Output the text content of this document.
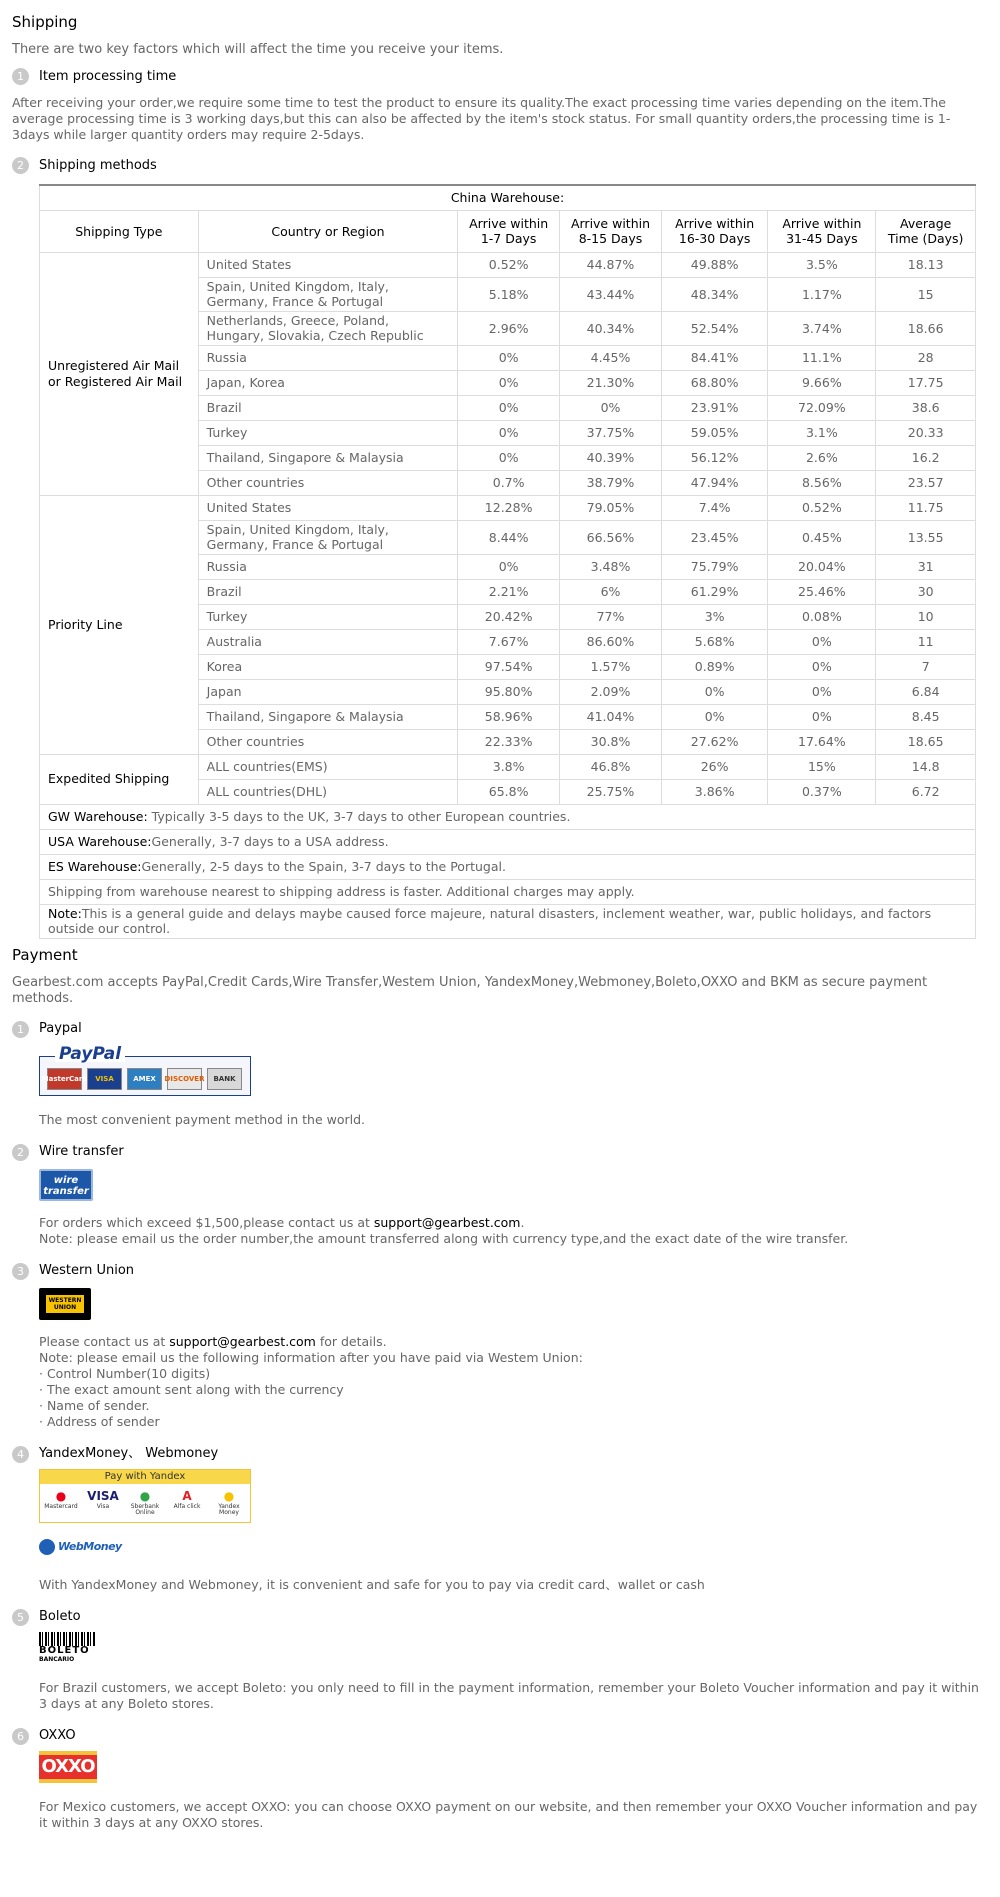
Shipping
There are two key factors which will affect the time you receive your items.
1	Item processing time
After receiving your order,we require some time to test the product to ensure its quality.The exact processing time varies depending on the item.The average processing time is 3 working days,but this can also be affected by the item's stock status. For small quantity orders,the processing time is 1-3days while larger quantity orders may require 2-5days.
2	Shipping methods
China Warehouse:						
Shipping Type	Country or Region	Arrive within 1-7 Days	Arrive within 8-15 Days	Arrive within 16-30 Days	Arrive within 31-45 Days	Average Time (Days)
Unregistered Air Mail or Registered Air Mail	United States	0.52%	44.87%	49.88%	3.5%	18.13
	Spain, United Kingdom, Italy, Germany, France & Portugal	5.18%	43.44%	48.34%	1.17%	15
	Netherlands, Greece, Poland, Hungary, Slovakia, Czech Republic	2.96%	40.34%	52.54%	3.74%	18.66
	Russia	0%	4.45%	84.41%	11.1%	28
	Japan, Korea	0%	21.30%	68.80%	9.66%	17.75
	Brazil	0%	0%	23.91%	72.09%	38.6
	Turkey	0%	37.75%	59.05%	3.1%	20.33
	Thailand, Singapore & Malaysia	0%	40.39%	56.12%	2.6%	16.2
	Other countries	0.7%	38.79%	47.94%	8.56%	23.57
Priority Line	United States	12.28%	79.05%	7.4%	0.52%	11.75
	Spain, United Kingdom, Italy, Germany, France & Portugal	8.44%	66.56%	23.45%	0.45%	13.55
	Russia	0%	3.48%	75.79%	20.04%	31
	Brazil	2.21%	6%	61.29%	25.46%	30
	Turkey	20.42%	77%	3%	0.08%	10
	Australia	7.67%	86.60%	5.68%	0%	11
	Korea	97.54%	1.57%	0.89%	0%	7
	Japan	95.80%	2.09%	0%	0%	6.84
	Thailand, Singapore & Malaysia	58.96%	41.04%	0%	0%	8.45
	Other countries	22.33%	30.8%	27.62%	17.64%	18.65
Expedited Shipping	ALL countries(EMS)	3.8%	46.8%	26%	15%	14.8
	ALL countries(DHL)	65.8%	25.75%	3.86%	0.37%	6.72
GW Warehouse: Typically 3-5 days to the UK, 3-7 days to other European countries.						
USA Warehouse:Generally, 3-7 days to a USA address.						
ES Warehouse:Generally, 2-5 days to the Spain, 3-7 days to the Portugal.						
Shipping from warehouse nearest to shipping address is faster. Additional charges may apply.						
Note:This is a general guide and delays maybe caused force majeure, natural disasters, inclement weather, war, public holidays, and factors outside our control.						
Payment
Gearbest.com accepts PayPal,Credit Cards,Wire Transfer,Westem Union, YandexMoney,Webmoney,Boleto,OXXO and BKM as secure payment methods.
1	Paypal
PayPal
MasterCard	VISA	AMEX	DISCOVER	BANK
The most convenient payment method in the world.
2	Wire transfer
wire
transfer
For orders which exceed $1,500,please contact us at support@gearbest.com.
Note: please email us the order number,the amount transferred along with currency type,and the exact date of the wire transfer.
3	Western Union
WESTERN
UNION
Please contact us at support@gearbest.com for details.
Note: please email us the following information after you have paid via Westem Union:
· Control Number(10 digits)
· The exact amount sent along with the currency
· Name of sender.
· Address of sender
4	YandexMoney、 Webmoney
Pay with Yandex
●
Mastercard
VISA
Visa
●
Sberbank Online
A
Alfa click
●
Yandex Money
WebMoney
With YandexMoney and Webmoney, it is convenient and safe for you to pay via credit card、wallet or cash
5	Boleto
BOLETO
BANCARIO
For Brazil customers, we accept Boleto: you only need to fill in the payment information, remember your Boleto Voucher information and pay it within 3 days at any Boleto stores.
6	OXXO
OXXO
For Mexico customers, we accept OXXO: you can choose OXXO payment on our website, and then remember your OXXO Voucher information and pay it within 3 days at any OXXO stores.
